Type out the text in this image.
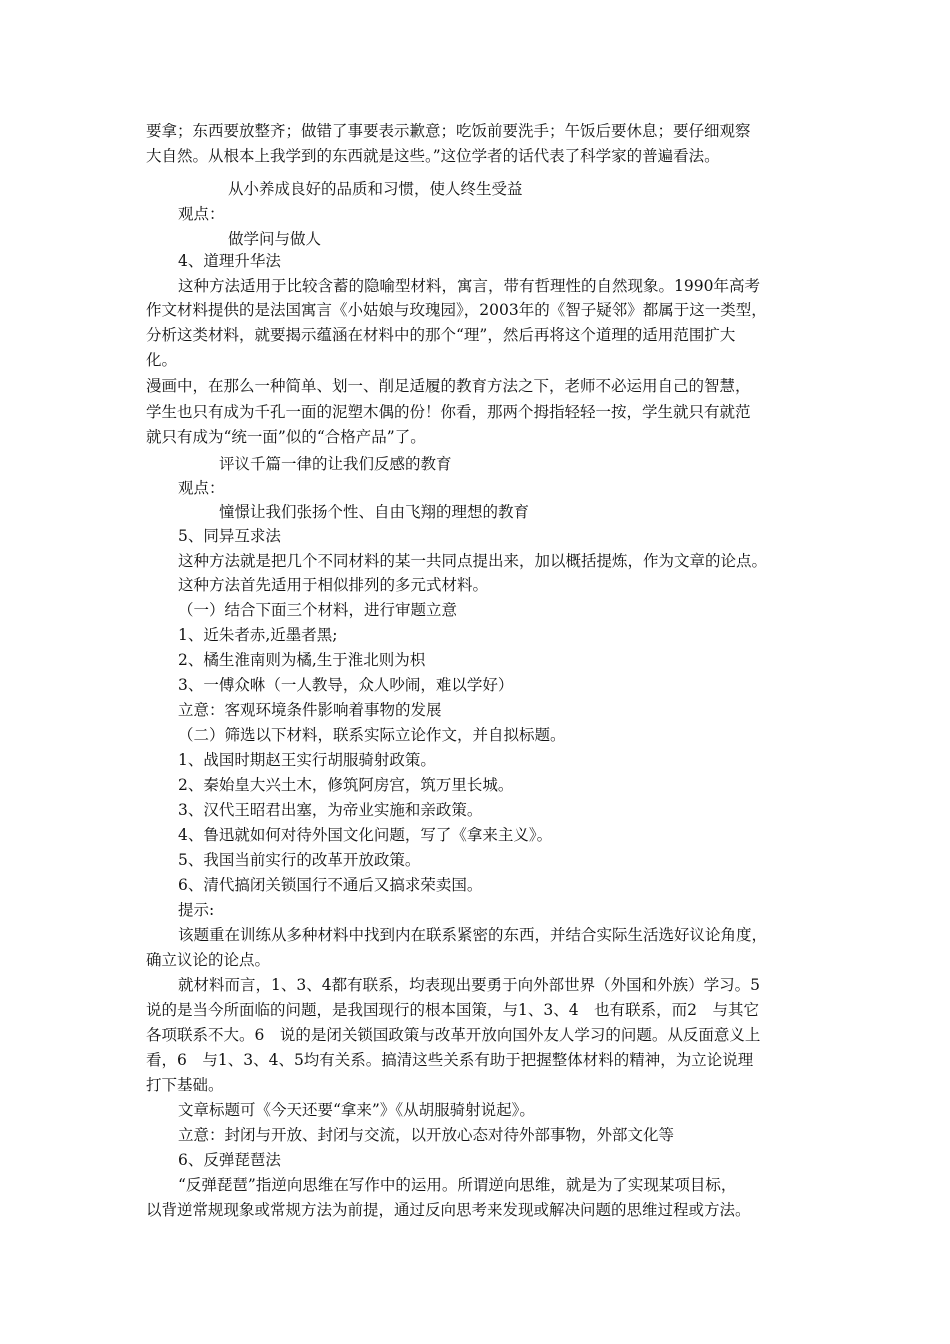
要拿；东西要放整齐；做错了事要表示歉意；吃饭前要洗手；午饭后要休息；要仔细观察
大自然。从根本上我学到的东西就是这些。”这位学者的话代表了科学家的普遍看法。
从小养成良好的品质和习惯，使人终生受益
观点：
做学问与做人
4、道理升华法
这种方法适用于比较含蓄的隐喻型材料，寓言，带有哲理性的自然现象。1990年高考
作文材料提供的是法国寓言《小姑娘与玫瑰园》，2003年的《智子疑邻》都属于这一类型，
分析这类材料，就要揭示蕴涵在材料中的那个“理”，然后再将这个道理的适用范围扩大
化。
漫画中，在那么一种简单、划一、削足适履的教育方法之下，老师不必运用自己的智慧，
学生也只有成为千孔一面的泥塑木偶的份！你看，那两个拇指轻轻一按，学生就只有就范
就只有成为“统一面”似的“合格产品”了。
评议千篇一律的让我们反感的教育
观点：
憧憬让我们张扬个性、自由飞翔的理想的教育
5、同异互求法
这种方法就是把几个不同材料的某一共同点提出来，加以概括提炼，作为文章的论点。
这种方法首先适用于相似排列的多元式材料。
（一）结合下面三个材料，进行审题立意
1、近朱者赤,近墨者黑;
2、橘生淮南则为橘,生于淮北则为枳
3、一傅众咻（一人教导，众人吵闹，难以学好）
立意：客观环境条件影响着事物的发展
（二）筛选以下材料，联系实际立论作文，并自拟标题。
1、战国时期赵王实行胡服骑射政策。
2、秦始皇大兴土木，修筑阿房宫，筑万里长城。
3、汉代王昭君出塞，为帝业实施和亲政策。
4、鲁迅就如何对待外国文化问题，写了《拿来主义》。
5、我国当前实行的改革开放政策。
6、清代搞闭关锁国行不通后又搞求荣卖国。
提示:
该题重在训练从多种材料中找到内在联系紧密的东西，并结合实际生活选好议论角度，
确立议论的论点。
就材料而言，1、3、4都有联系，均表现出要勇于向外部世界（外国和外族）学习。5
说的是当今所面临的问题，是我国现行的根本国策，与1、3、4　也有联系，而2　与其它
各项联系不大。6　说的是闭关锁国政策与改革开放向国外友人学习的问题。从反面意义上
看，6　与1、3、4、5均有关系。搞清这些关系有助于把握整体材料的精神，为立论说理
打下基础。
文章标题可《今天还要“拿来”》《从胡服骑射说起》。
立意：封闭与开放、封闭与交流，以开放心态对待外部事物，外部文化等
6、反弹琵琶法
“反弹琵琶”指逆向思维在写作中的运用。所谓逆向思维，就是为了实现某项目标，
以背逆常规现象或常规方法为前提，通过反向思考来发现或解决问题的思维过程或方法。
